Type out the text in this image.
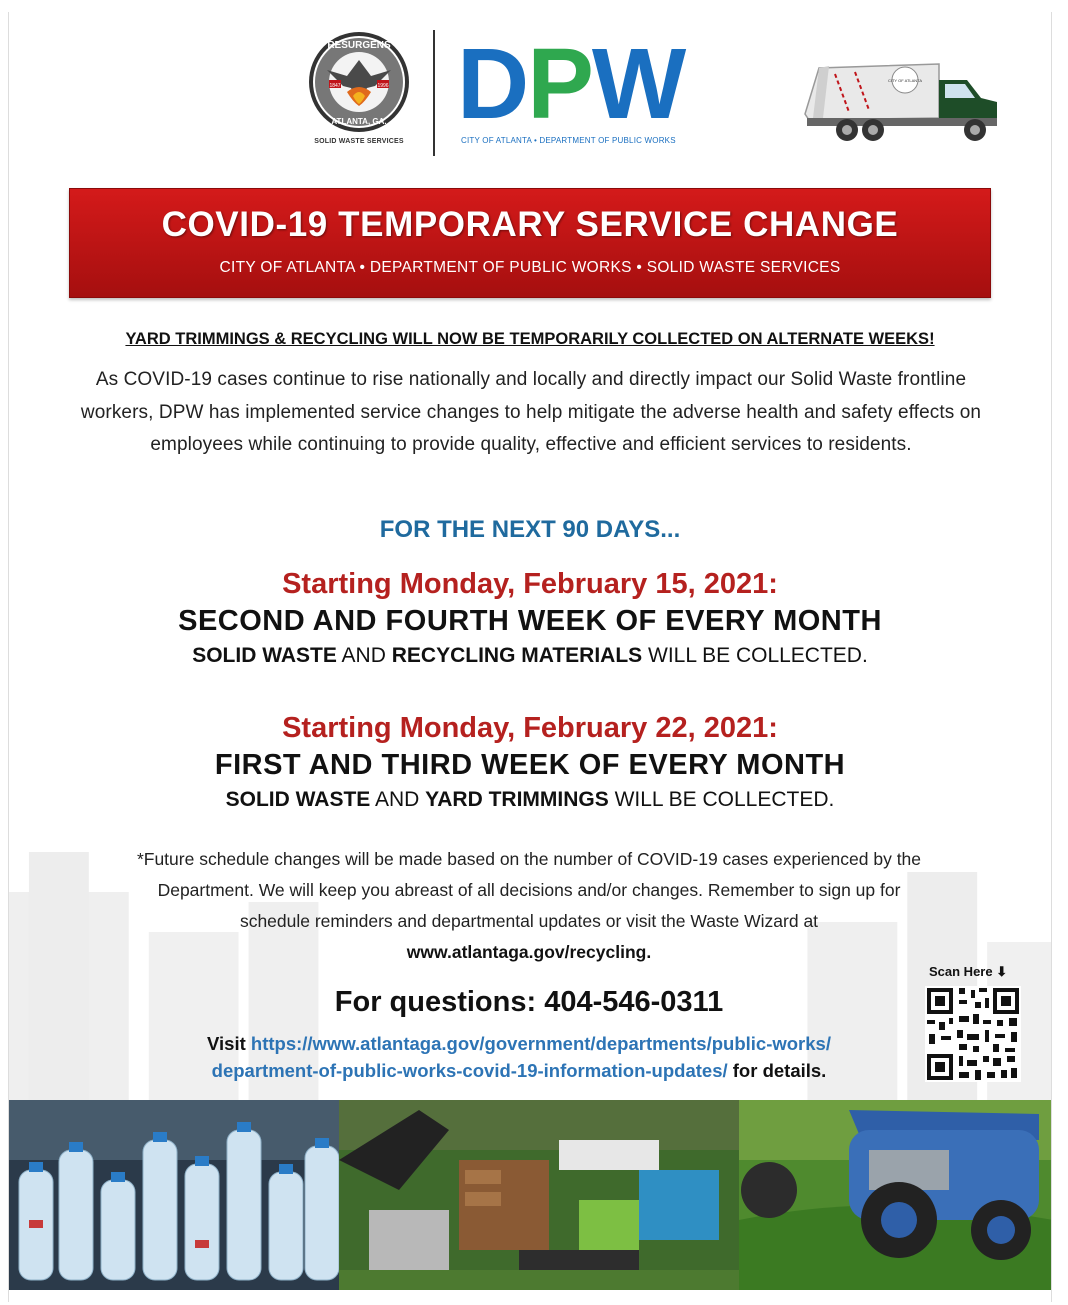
RESURGENS
ATLANTA, GA.
1847	1996
SOLID WASTE SERVICES
DPW
CITY OF ATLANTA • DEPARTMENT OF PUBLIC WORKS
CITY OF ATLANTA
COVID-19 TEMPORARY SERVICE CHANGE
CITY OF ATLANTA • DEPARTMENT OF PUBLIC WORKS • SOLID WASTE SERVICES
YARD TRIMMINGS & RECYCLING WILL NOW BE TEMPORARILY COLLECTED ON ALTERNATE WEEKS!
As COVID-19 cases continue to rise nationally and locally and directly impact our Solid Waste frontline workers, DPW has implemented service changes to help mitigate the adverse health and safety effects on employees while continuing to provide quality, effective and efficient services to residents.
FOR THE NEXT 90 DAYS...
Starting Monday, February 15, 2021:
SECOND AND FOURTH WEEK OF EVERY MONTH
SOLID WASTE AND RECYCLING MATERIALS WILL BE COLLECTED.
Starting Monday, February 22, 2021:
FIRST AND THIRD WEEK OF EVERY MONTH
SOLID WASTE AND YARD TRIMMINGS WILL BE COLLECTED.
*Future schedule changes will be made based on the number of COVID-19 cases experienced by the Department. We will keep you abreast of all decisions and/or changes. Remember to sign up for schedule reminders and departmental updates or visit the Waste Wizard at www.atlantaga.gov/recycling.
For questions: 404-546-0311
Visit https://www.atlantaga.gov/government/departments/public-works/
department-of-public-works-covid-19-information-updates/ for details.
Scan Here ⬇
